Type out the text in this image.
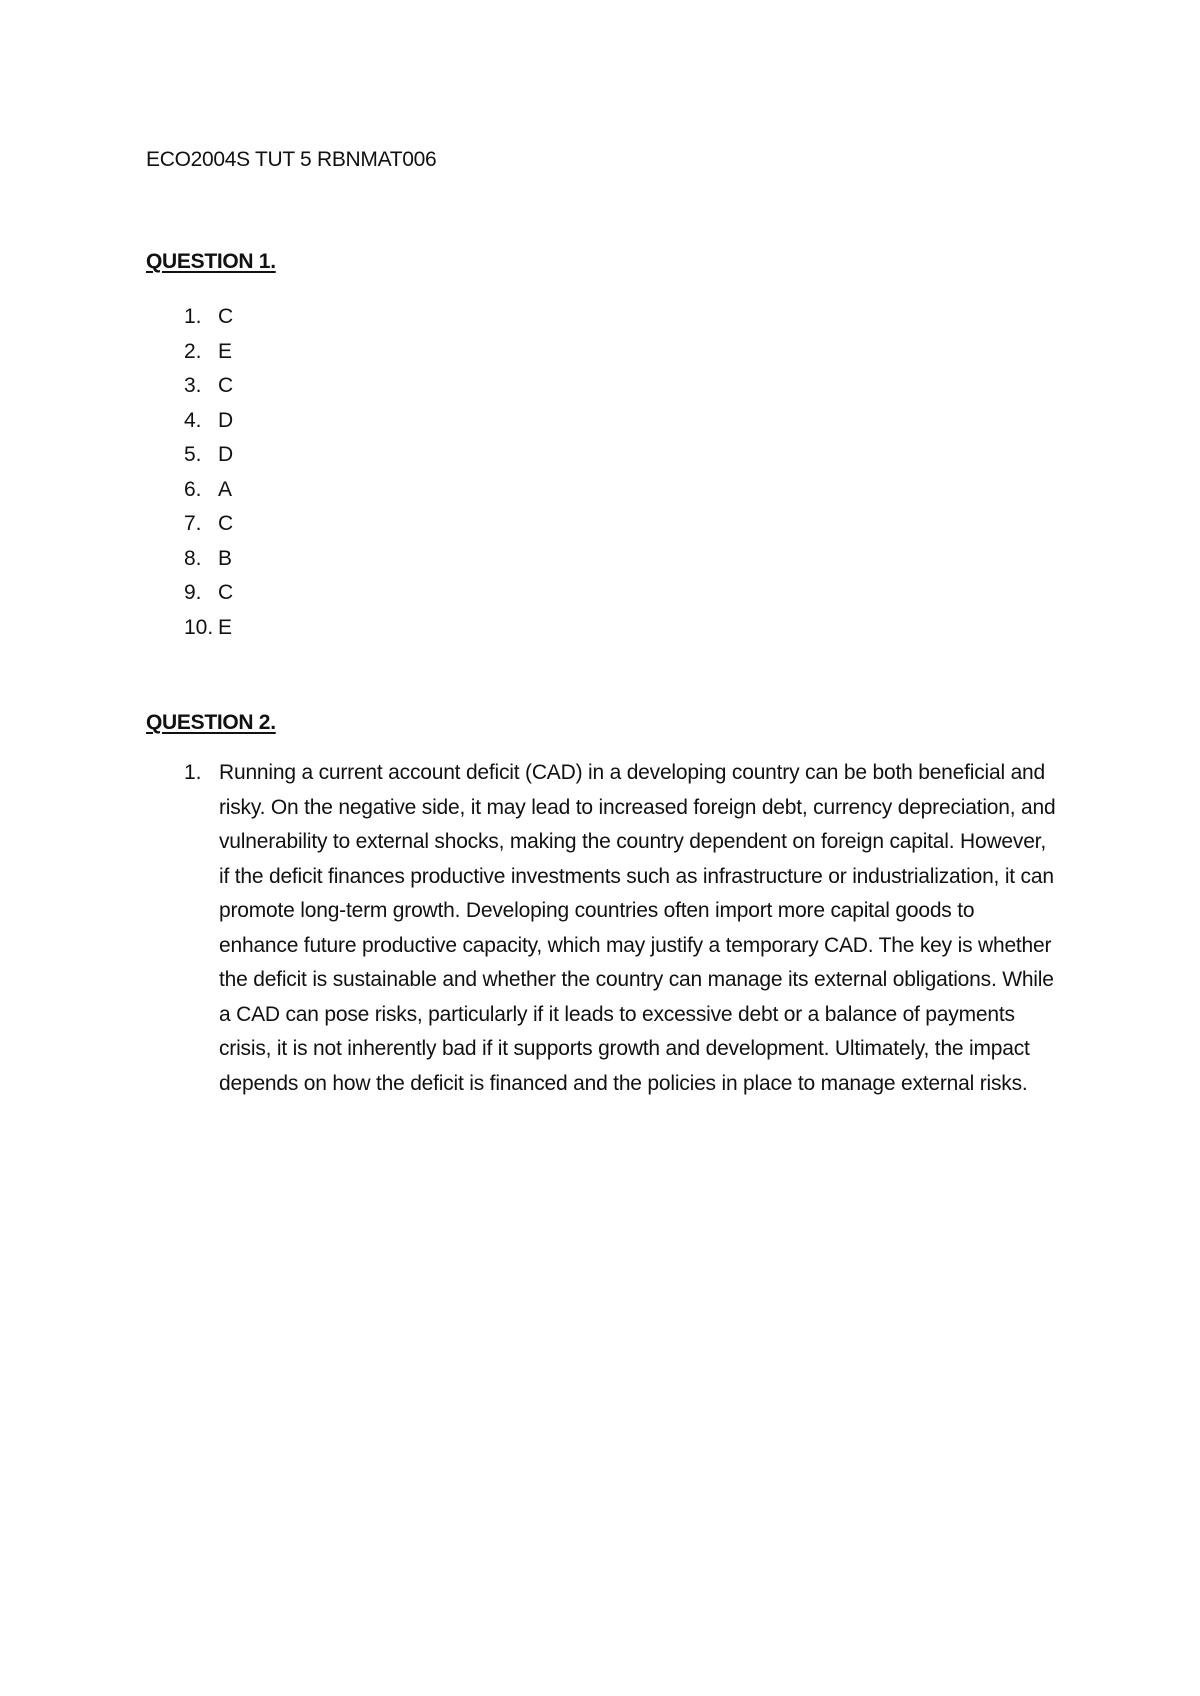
ECO2004S TUT 5 RBNMAT006

QUESTION 1.

1. C
2. E
3. C
4. D
5. D
6. A
7. C
8. B
9. C
10. E

QUESTION 2.

1. Running a current account deficit (CAD) in a developing country can be both beneficial and risky. On the negative side, it may lead to increased foreign debt, currency depreciation, and vulnerability to external shocks, making the country dependent on foreign capital. However, if the deficit finances productive investments such as infrastructure or industrialization, it can promote long-term growth. Developing countries often import more capital goods to enhance future productive capacity, which may justify a temporary CAD. The key is whether the deficit is sustainable and whether the country can manage its external obligations. While a CAD can pose risks, particularly if it leads to excessive debt or a balance of payments crisis, it is not inherently bad if it supports growth and development. Ultimately, the impact depends on how the deficit is financed and the policies in place to manage external risks.
